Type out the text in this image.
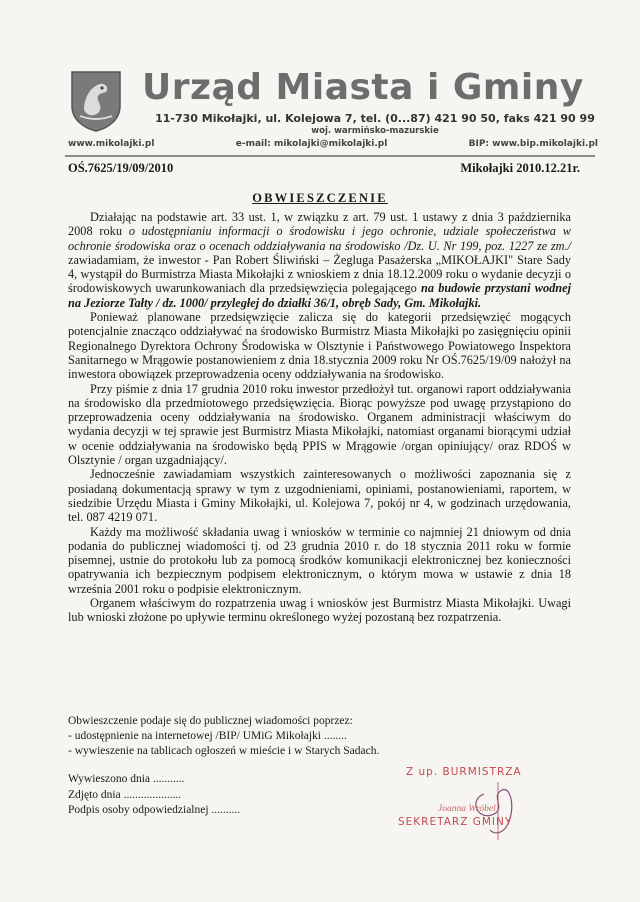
Urząd Miasta i Gminy
11-730 Mikołajki, ul. Kolejowa 7, tel. (0...87) 421 90 50, faks 421 90 99
woj. warmińsko-mazurskie
www.mikolajki.pl	e-mail: mikolajki@mikolajki.pl	BIP: www.bip.mikolajki.pl
OŚ.7625/19/09/2010	Mikołajki 2010.12.21r.
OBWIESZCZENIE

Działając na podstawie art. 33 ust. 1, w związku z art. 79 ust. 1 ustawy z dnia 3 października 2008 roku o udostępnianiu informacji o środowisku i jego ochronie, udziale społeczeństwa w ochronie środowiska oraz o ocenach oddziaływania na środowisko /Dz. U. Nr 199, poz. 1227 ze zm./ zawiadamiam, że inwestor - Pan Robert Śliwiński – Żegluga Pasażerska „MIKOŁAJKI" Stare Sady 4, wystąpił do Burmistrza Miasta Mikołajki z wnioskiem z dnia 18.12.2009 roku o wydanie decyzji o środowiskowych uwarunkowaniach dla przedsięwzięcia polegającego na budowie przystani wodnej na Jeziorze Tałty / dz. 1000/ przyległej do działki 36/1, obręb Sady, Gm. Mikołajki.

Ponieważ planowane przedsięwzięcie zalicza się do kategorii przedsięwzięć mogących potencjalnie znacząco oddziaływać na środowisko Burmistrz Miasta Mikołajki po zasięgnięciu opinii Regionalnego Dyrektora Ochrony Środowiska w Olsztynie i Państwowego Powiatowego Inspektora Sanitarnego w Mrągowie postanowieniem z dnia 18.stycznia 2009 roku Nr OŚ.7625/19/09 nałożył na inwestora obowiązek przeprowadzenia oceny oddziaływania na środowisko.

Przy piśmie z dnia 17 grudnia 2010 roku inwestor przedłożył tut. organowi raport oddziaływania na środowisko dla przedmiotowego przedsięwzięcia. Biorąc powyższe pod uwagę przystąpiono do przeprowadzenia oceny oddziaływania na środowisko. Organem administracji właściwym do wydania decyzji w tej sprawie jest Burmistrz Miasta Mikołajki, natomiast organami biorącymi udział w ocenie oddziaływania na środowisko będą PPIS w Mrągowie /organ opiniujący/ oraz RDOŚ w Olsztynie / organ uzgadniający/.

Jednocześnie zawiadamiam wszystkich zainteresowanych o możliwości zapoznania się z posiadaną dokumentacją sprawy w tym z uzgodnieniami, opiniami, postanowieniami, raportem, w siedzibie Urzędu Miasta i Gminy Mikołajki, ul. Kolejowa 7, pokój nr 4, w godzinach urzędowania, tel. 087 4219 071.

Każdy ma możliwość składania uwag i wniosków w terminie co najmniej 21 dniowym od dnia podania do publicznej wiadomości tj. od 23 grudnia 2010 r. do 18 stycznia 2011 roku w formie pisemnej, ustnie do protokołu lub za pomocą środków komunikacji elektronicznej bez konieczności opatrywania ich bezpiecznym podpisem elektronicznym, o którym mowa w ustawie z dnia 18 września 2001 roku o podpisie elektronicznym.

Organem właściwym do rozpatrzenia uwag i wniosków jest Burmistrz Miasta Mikołajki. Uwagi lub wnioski złożone po upływie terminu określonego wyżej pozostaną bez rozpatrzenia.

Obwieszczenie podaje się do publicznej wiadomości poprzez:
- udostępnienie na internetowej /BIP/ UMiG Mikołajki ........
- wywieszenie na tablicach ogłoszeń w mieście i w Starych Sadach.
Wywieszono dnia ...........
Zdjęto dnia ....................
Podpis osoby odpowiedzialnej ..........
Z up. BURMISTRZA
Joanna Wróbel
SEKRETARZ GMINY
